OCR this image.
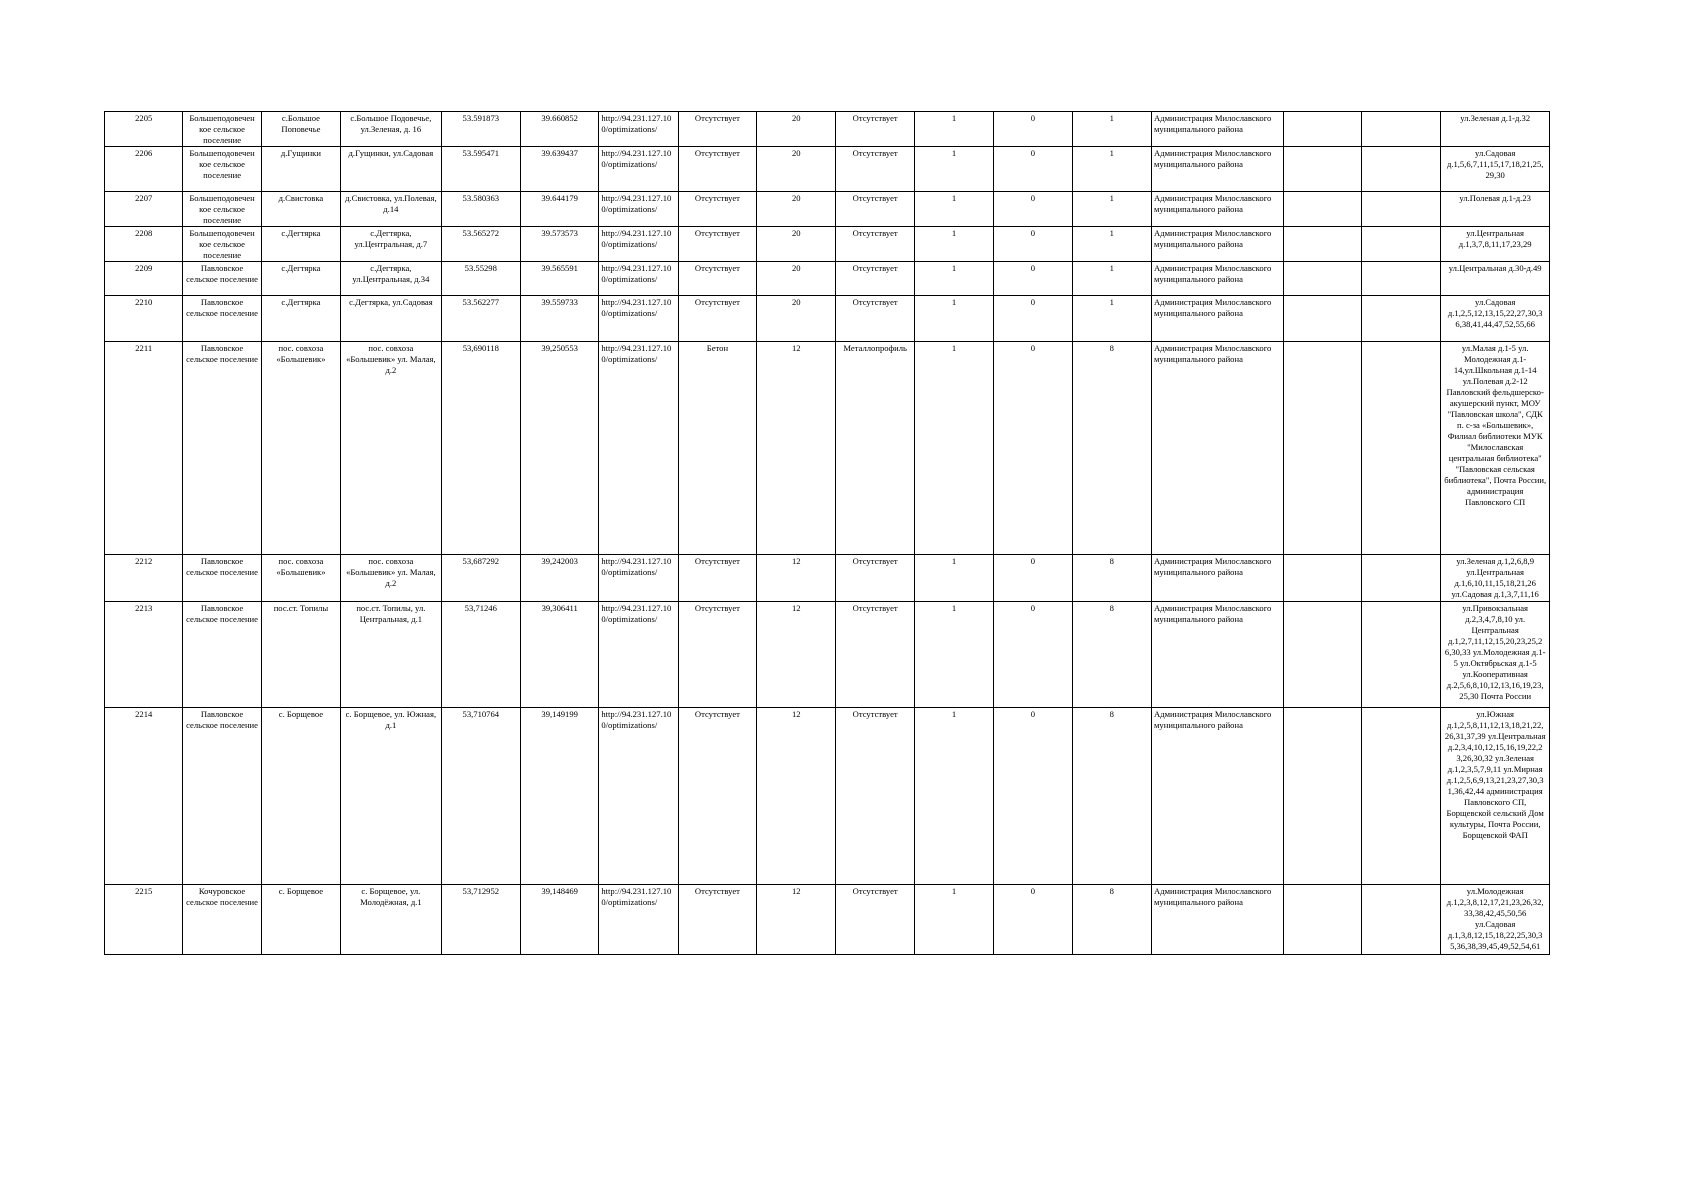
2205	Большеподовечен кое сельское поселение	с.Большое Поповечье	с.Большое Подовечье, ул.Зеленая, д. 16	53.591873	39.660852	http://94.231.127.10 0/optimizations/	Отсутствует	20	Отсутствует	1	0	1	Администрация Милославского муниципального района			ул.Зеленая д.1-д.32
2206	Большеподовечен кое сельское поселение	д.Гущинки	д.Гущинки, ул.Садовая	53.595471	39.639437	http://94.231.127.10 0/optimizations/	Отсутствует	20	Отсутствует	1	0	1	Администрация Милославского муниципального района			ул.Садовая д.1,5,6,7,11,15,17,18,21,25, 29,30
2207	Большеподовечен кое сельское поселение	д.Свистовка	д.Свистовка, ул.Полевая, д.14	53.580363	39.644179	http://94.231.127.10 0/optimizations/	Отсутствует	20	Отсутствует	1	0	1	Администрация Милославского муниципального района			ул.Полевая д.1-д.23
2208	Большеподовечен кое сельское поселение	с.Дегтярка	с.Дегтярка, ул.Центральная, д.7	53.565272	39.573573	http://94.231.127.10 0/optimizations/	Отсутствует	20	Отсутствует	1	0	1	Администрация Милославского муниципального района			ул.Центральная д.1,3,7,8,11,17,23,29
2209	Павловское сельское поселение	с.Дегтярка	с.Дегтярка, ул.Центральная, д.34	53.55298	39.565591	http://94.231.127.10 0/optimizations/	Отсутствует	20	Отсутствует	1	0	1	Администрация Милославского муниципального района			ул.Центральная д.30-д.49
2210	Павловское сельское поселение	с.Дегтярка	с.Дегтярка, ул.Садовая	53.562277	39.559733	http://94.231.127.10 0/optimizations/	Отсутствует	20	Отсутствует	1	0	1	Администрация Милославского муниципального района			ул.Садовая д.1,2,5,12,13,15,22,27,30,3 6,38,41,44,47,52,55,66
2211	Павловское сельское поселение	пос. совхоза «Большевик»	пос. совхоза «Большевик» ул. Малая, д.2	53,690118	39,250553	http://94.231.127.10 0/optimizations/	Бетон	12	Металлопрофиль	1	0	8	Администрация Милославского муниципального района			ул.Малая д.1-5 ул. Молодежная д.1- 14,ул.Школьная д.1-14 ул.Полевая д.2-12 Павловский фельдшерско- акушерский пункт, МОУ "Павловская школа", СДК п. с-за «Большевик», Филиал библиотеки МУК "Милославская центральная библиотека" "Павловская сельская библиотека", Почта России, администрация Павловского СП
2212	Павловское сельское поселение	пос. совхоза «Большевик»	пос. совхоза «Большевик» ул. Малая, д.2	53,687292	39,242003	http://94.231.127.10 0/optimizations/	Отсутствует	12	Отсутствует	1	0	8	Администрация Милославского муниципального района			ул.Зеленая д.1,2,6,8,9 ул.Центральная д.1,6,10,11,15,18,21,26 ул.Садовая д.1,3,7,11,16
2213	Павловское сельское поселение	пос.ст. Топилы	пос.ст. Топилы, ул. Центральная, д.1	53,71246	39,306411	http://94.231.127.10 0/optimizations/	Отсутствует	12	Отсутствует	1	0	8	Администрация Милославского муниципального района			ул.Привокзальная д.2,3,4,7,8,10 ул. Центральная д.1,2,7,11,12,15,20,23,25,2 6,30,33 ул.Молодежная д.1-5 ул.Октябрьская д.1-5 ул.Кооперативная д.2,5,6,8,10,12,13,16,19,23, 25,30 Почта России
2214	Павловское сельское поселение	с. Борщевое	с. Борщевое, ул. Южная, д.1	53,710764	39,149199	http://94.231.127.10 0/optimizations/	Отсутствует	12	Отсутствует	1	0	8	Администрация Милославского муниципального района			ул.Южная д.1,2,5,8,11,12,13,18,21,22, 26,31,37,39 ул.Центральная д.2,3,4,10,12,15,16,19,22,2 3,26,30,32 ул.Зеленая д.1,2,3,5,7,9,11 ул.Мирная д.1,2,5,6,9,13,21,23,27,30,3 1,36,42,44 администрация Павловского СП, Борщевской сельский Дом культуры, Почта России, Борщевской ФАП
2215	Кочуровское сельское поселение	с. Борщевое	с. Борщевое, ул. Молодёжная, д.1	53,712952	39,148469	http://94.231.127.10 0/optimizations/	Отсутствует	12	Отсутствует	1	0	8	Администрация Милославского муниципального района			ул.Молодежная д.1,2,3,8,12,17,21,23,26,32, 33,38,42,45,50,56 ул.Садовая д.1,3,8,12,15,18,22,25,30,3 5,36,38,39,45,49,52,54,61
